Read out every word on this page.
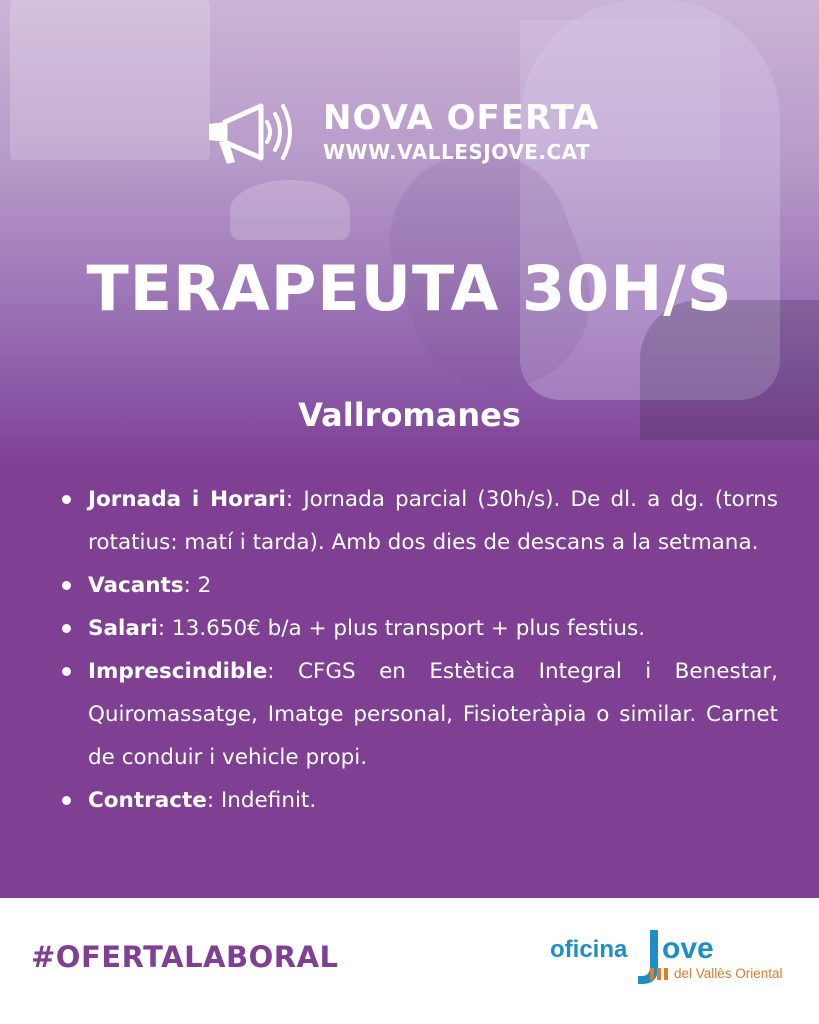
NOVA OFERTA
WWW.VALLESJOVE.CAT
TERAPEUTA 30H/S
Vallromanes
Jornada i Horari: Jornada parcial (30h/s). De dl. a dg. (torns rotatius: matí i tarda). Amb dos dies de descans a la setmana.
Vacants: 2
Salari: 13.650€ b/a + plus transport + plus festius.
Imprescindible: CFGS en Estètica Integral i Benestar, Quiromassatge, Imatge personal, Fisioteràpia o similar. Carnet de conduir i vehicle propi.
Contracte: Indefinit.
#OFERTALABORAL	oficina ove
del Vallès Oriental
